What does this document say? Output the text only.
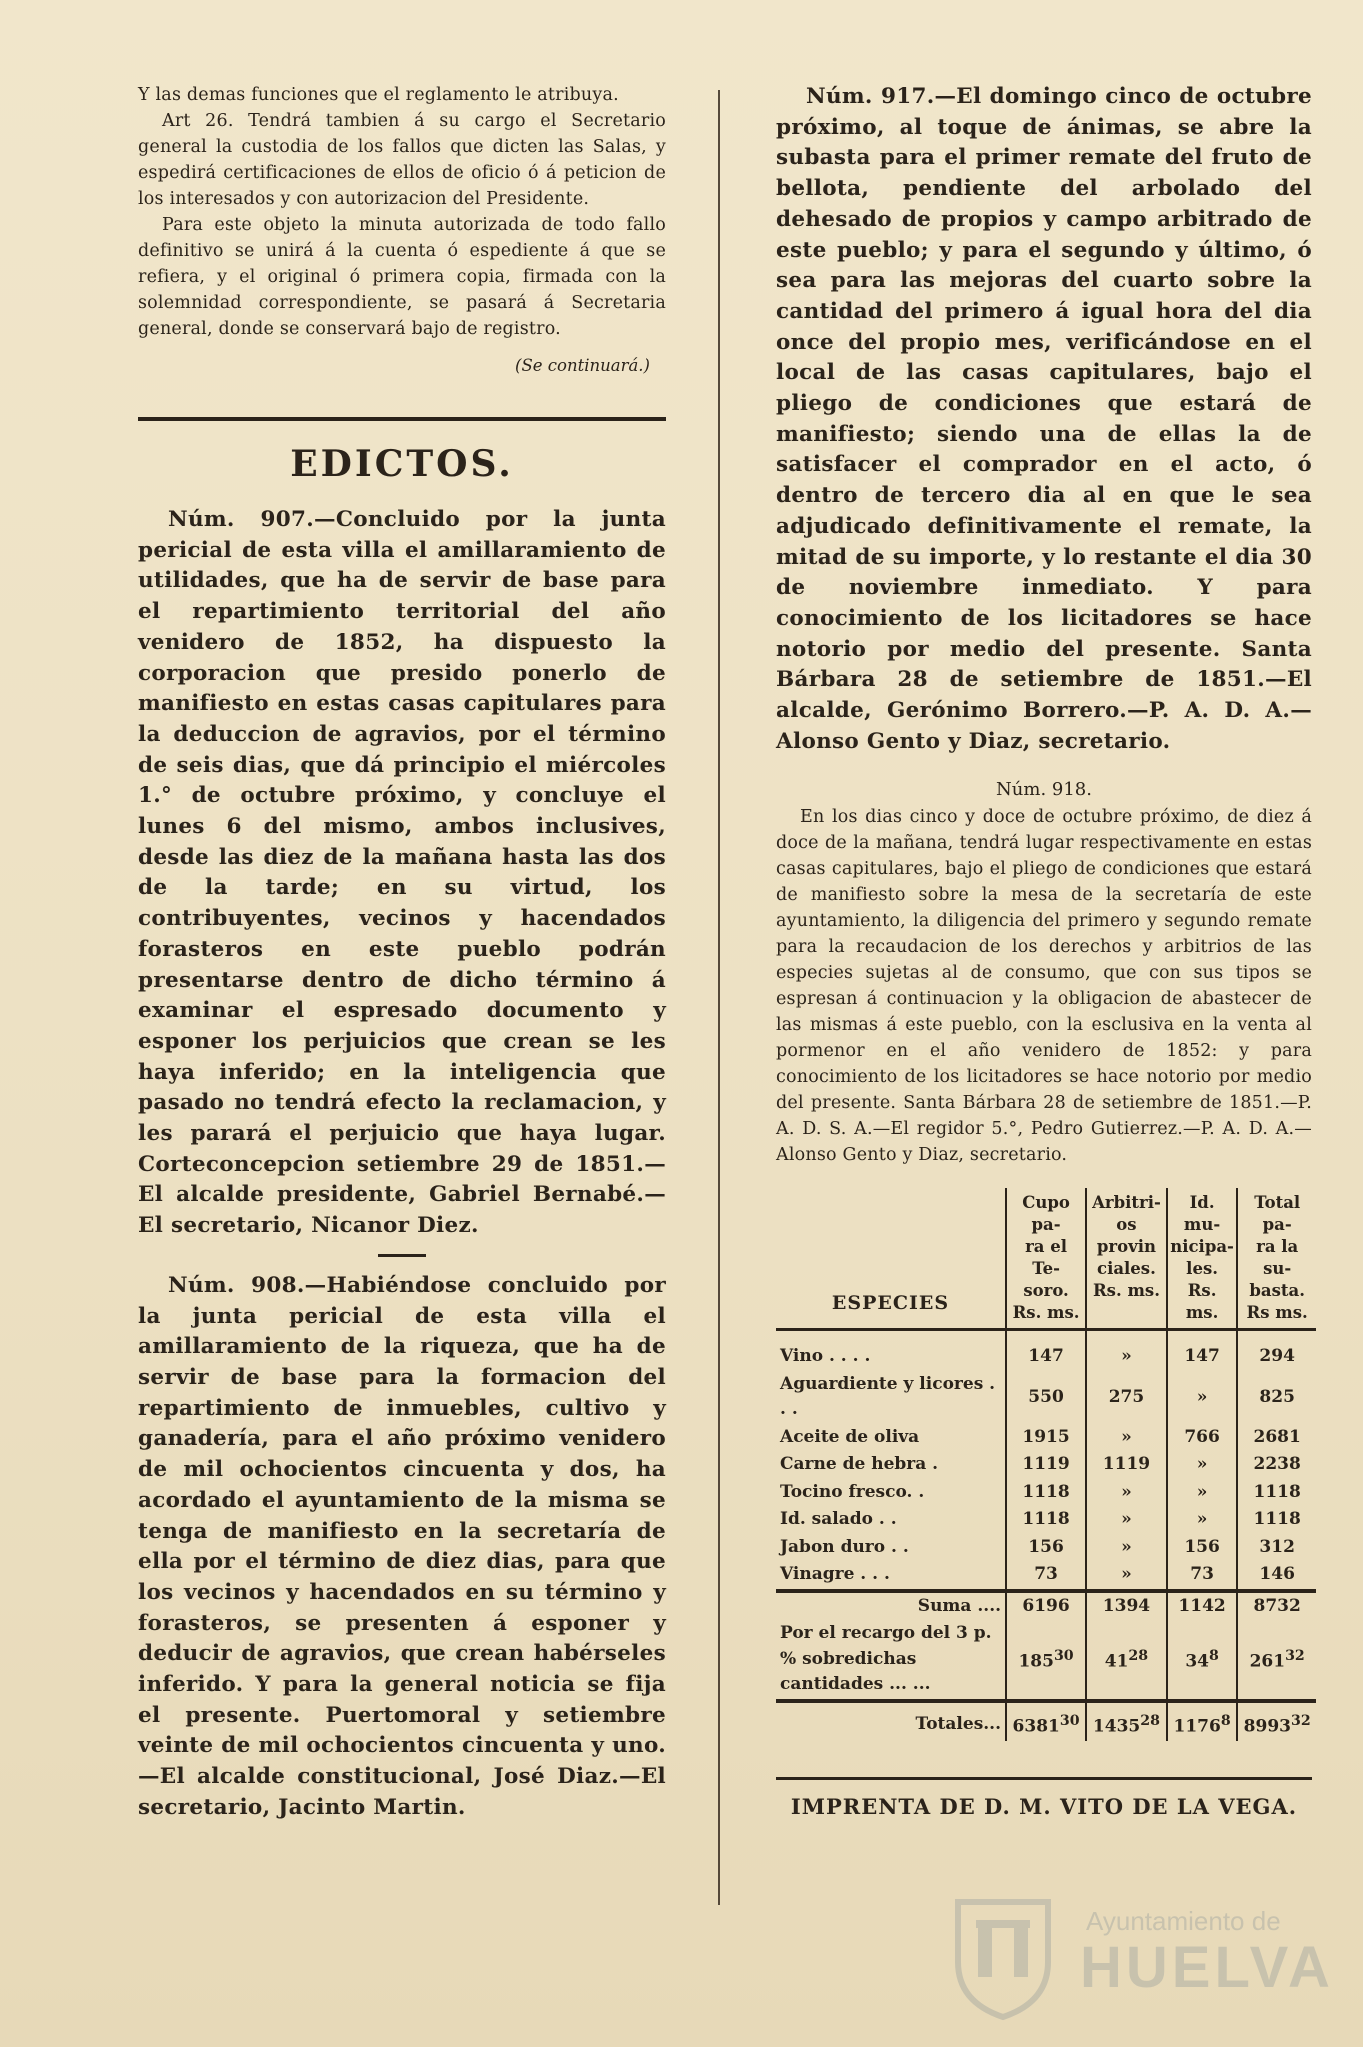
Y las demas funciones que el reglamento le atribuya.

Art 26. Tendrá tambien á su cargo el Secretario general la custodia de los fallos que dicten las Salas, y espedirá certificaciones de ellos de oficio ó á peticion de los interesados y con autorizacion del Presidente.

Para este objeto la minuta autorizada de todo fallo definitivo se unirá á la cuenta ó espediente á que se refiera, y el original ó primera copia, firmada con la solemnidad correspondiente, se pasará á Secretaria general, donde se conservará bajo de registro.

(Se continuará.)
EDICTOS.

Núm. 907.—Concluido por la junta pericial de esta villa el amillaramiento de utilidades, que ha de servir de base para el repartimiento territorial del año venidero de 1852, ha dispuesto la corporacion que presido ponerlo de manifiesto en estas casas capitulares para la deduccion de agravios, por el término de seis dias, que dá principio el miércoles 1.° de octubre próximo, y concluye el lunes 6 del mismo, ambos inclusives, desde las diez de la mañana hasta las dos de la tarde; en su virtud, los contribuyentes, vecinos y hacendados forasteros en este pueblo podrán presentarse dentro de dicho término á examinar el espresado documento y esponer los perjuicios que crean se les haya inferido; en la inteligencia que pasado no tendrá efecto la reclamacion, y les parará el perjuicio que haya lugar. Corteconcepcion setiembre 29 de 1851.—El alcalde presidente, Gabriel Bernabé.—El secretario, Nicanor Diez.

Núm. 908.—Habiéndose concluido por la junta pericial de esta villa el amillaramiento de la riqueza, que ha de servir de base para la formacion del repartimiento de inmuebles, cultivo y ganadería, para el año próximo venidero de mil ochocientos cincuenta y dos, ha acordado el ayuntamiento de la misma se tenga de manifiesto en la secretaría de ella por el término de diez dias, para que los vecinos y hacendados en su término y forasteros, se presenten á esponer y deducir de agravios, que crean habérseles inferido. Y para la general noticia se fija el presente. Puertomoral y setiembre veinte de mil ochocientos cincuenta y uno.—El alcalde constitucional, José Diaz.—El secretario, Jacinto Martin.

Núm. 917.—El domingo cinco de octubre próximo, al toque de ánimas, se abre la subasta para el primer remate del fruto de bellota, pendiente del arbolado del dehesado de propios y campo arbitrado de este pueblo; y para el segundo y último, ó sea para las mejoras del cuarto sobre la cantidad del primero á igual hora del dia once del propio mes, verificándose en el local de las casas capitulares, bajo el pliego de condiciones que estará de manifiesto; siendo una de ellas la de satisfacer el comprador en el acto, ó dentro de tercero dia al en que le sea adjudicado definitivamente el remate, la mitad de su importe, y lo restante el dia 30 de noviembre inmediato. Y para conocimiento de los licitadores se hace notorio por medio del presente. Santa Bárbara 28 de setiembre de 1851.—El alcalde, Gerónimo Borrero.—P. A. D. A.—Alonso Gento y Diaz, secretario.

Núm. 918.

En los dias cinco y doce de octubre próximo, de diez á doce de la mañana, tendrá lugar respectivamente en estas casas capitulares, bajo el pliego de condiciones que estará de manifiesto sobre la mesa de la secretaría de este ayuntamiento, la diligencia del primero y segundo remate para la recaudacion de los derechos y arbitrios de las especies sujetas al de consumo, que con sus tipos se espresan á continuacion y la obligacion de abastecer de las mismas á este pueblo, con la esclusiva en la venta al pormenor en el año venidero de 1852: y para conocimiento de los licitadores se hace notorio por medio del presente. Santa Bárbara 28 de setiembre de 1851.—P. A. D. S. A.—El regidor 5.°, Pedro Gutierrez.—P. A. D. A.—Alonso Gento y Diaz, secretario.

ESPECIES	Cupo pa-
ra el Te-
soro.
Rs. ms.	Arbitri-
os provin
ciales.
Rs. ms.	Id. mu-
nicipa-
les.
Rs. ms.	Total pa-
ra la su-
basta.
Rs ms.

Vino . . . .	147	»	147	294
Aguardiente y licores . . .	550	275	»	825
Aceite de oliva	1915	»	766	2681
Carne de hebra .	1119	1119	»	2238
Tocino fresco. .	1118	»	»	1118
Id. salado . .	1118	»	»	1118
Jabon duro . .	156	»	156	312
Vinagre . . .	73	»	73	146
Suma ....	6196	1394	1142	8732
Por el recargo del 3 p. % sobredichas cantidades ... ...	$185^{30}$	$41^{28}$	$34^8$	$261^{32}$
Totales...	6381$^{30}$	1435$^{28}$	1176$^8$	8993$^{32}$
IMPRENTA DE D. M. VITO DE LA VEGA.
Ayuntamiento de
HUELVA
